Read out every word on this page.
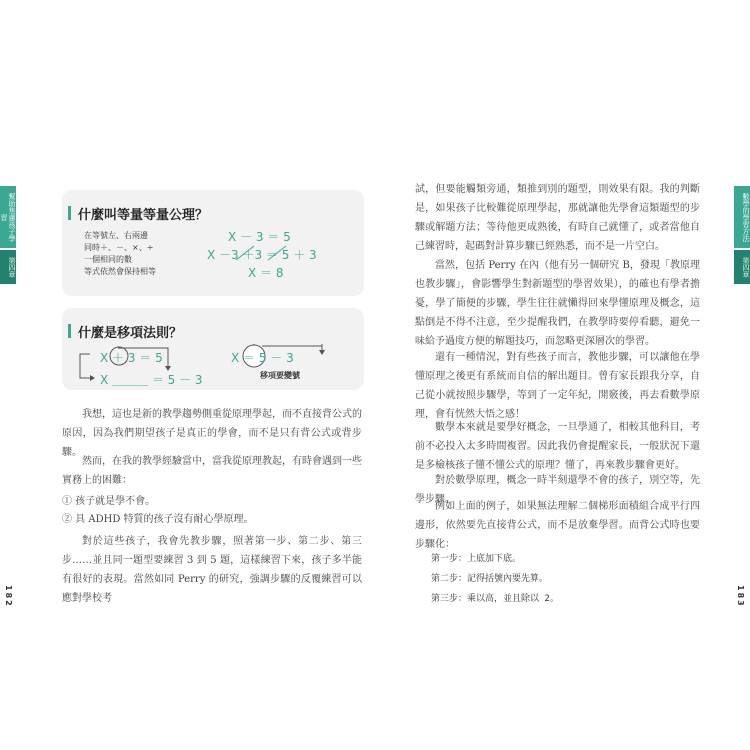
幫助焦慮孩子學習
第四章
數學的學習方法
第四章
182	183
什麼叫等量等量公理？
在等號左、右兩邊
同時＋、－、×、÷
一個相同的數
等式依然會保持相等
X － 3 ＝ 5
X －3 ＋3 ＝ 5 ＋ 3
X ＝ 8
什麼是移項法則？
X ＋ 3 ＝ 5
X ＿＿＿ ＝ 5 － 3
X ＝ 5 － 3
移項要變號

我想，這也是新的教學趨勢側重從原理學起，而不直接背公式的原因，因為我們期望孩子是真正的學會，而不是只有背公式或背步驟。

然而，在我的教學經驗當中，當我從原理教起，有時會遇到一些實務上的困難：

① 孩子就是學不會。

② 具 ADHD 特質的孩子沒有耐心學原理。

對於這些孩子，我會先教步驟，照著第一步、第二步、第三步……並且同一題型要練習 3 到 5 題，這樣練習下來，孩子多半能有很好的表現。當然如同 Perry 的研究，強調步驟的反覆練習可以應對學校考

試，但要能觸類旁通，類推到別的題型，則效果有限。我的判斷是，如果孩子比較難從原理學起，那就讓他先學會這類題型的步驟或解題方法；等待他更成熟後，有時自己就懂了，或者當他自己練習時，起碼對計算步驟已經熟悉，而不是一片空白。

當然，包括 Perry 在內（他有另一個研究 B，發現「教原理也教步驟」，會影響學生對新題型的學習效果），的確也有學者擔憂，學了簡便的步驟，學生往往就懶得回來學懂原理及概念，這點倒是不得不注意，至少提醒我們，在教學時要停看聽，避免一味給予過度方便的解題技巧，而忽略更深層次的學習。

還有一種情況，對有些孩子而言，教他步驟，可以讓他在學懂原理之後更有系統而自信的解出題目。曾有家長跟我分享，自己從小就按照步驟學，等到了一定年紀，開竅後，再去看數學原理，會有恍然大悟之感！

數學本來就是要學好概念，一旦學通了，相較其他科目，考前不必投入太多時間複習。因此我仍會提醒家長，一般狀況下還是多檢核孩子懂不懂公式的原理？懂了，再來教步驟會更好。

對於數學原理，概念一時半刻還學不會的孩子，別空等，先學步驟。

例如上面的例子，如果無法理解二個梯形面積組合成平行四邊形，依然要先直接背公式，而不是放棄學習。而背公式時也要步驟化：

第一步：上底加下底。
第二步：記得括號內要先算。
第三步：乘以高，並且除以 2。
